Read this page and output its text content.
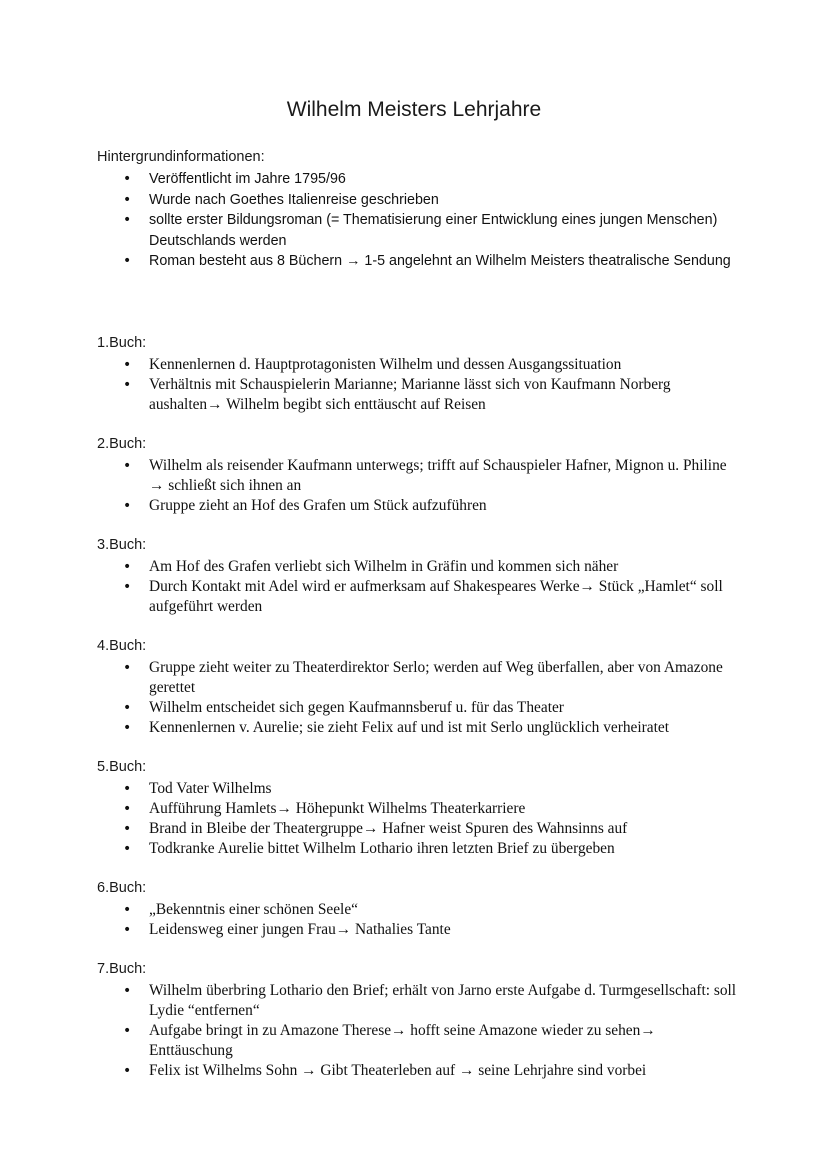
Wilhelm Meisters Lehrjahre
Hintergrundinformationen:
• Veröffentlicht im Jahre 1795/96
• Wurde nach Goethes Italienreise geschrieben
• sollte erster Bildungsroman (= Thematisierung einer Entwicklung eines jungen Menschen) Deutschlands werden
• Roman besteht aus 8 Büchern → 1-5 angelehnt an Wilhelm Meisters theatralische Sendung
1.Buch:
• Kennenlernen d. Hauptprotagonisten Wilhelm und dessen Ausgangssituation
• Verhältnis mit Schauspielerin Marianne; Marianne lässt sich von Kaufmann Norberg aushalten→ Wilhelm begibt sich enttäuscht auf Reisen
2.Buch:
• Wilhelm als reisender Kaufmann unterwegs; trifft auf Schauspieler Hafner, Mignon u. Philine → schließt sich ihnen an
• Gruppe zieht an Hof des Grafen um Stück aufzuführen
3.Buch:
• Am Hof des Grafen verliebt sich Wilhelm in Gräfin und kommen sich näher
• Durch Kontakt mit Adel wird er aufmerksam auf Shakespeares Werke→ Stück „Hamlet“ soll aufgeführt werden
4.Buch:
• Gruppe zieht weiter zu Theaterdirektor Serlo; werden auf Weg überfallen, aber von Amazone gerettet
• Wilhelm entscheidet sich gegen Kaufmannsberuf u. für das Theater
• Kennenlernen v. Aurelie; sie zieht Felix auf und ist mit Serlo unglücklich verheiratet
5.Buch:
• Tod Vater Wilhelms
• Aufführung Hamlets→ Höhepunkt Wilhelms Theaterkarriere
• Brand in Bleibe der Theatergruppe→ Hafner weist Spuren des Wahnsinns auf
• Todkranke Aurelie bittet Wilhelm Lothario ihren letzten Brief zu übergeben
6.Buch:
• „Bekenntnis einer schönen Seele“
• Leidensweg einer jungen Frau→ Nathalies Tante
7.Buch:
• Wilhelm überbring Lothario den Brief; erhält von Jarno erste Aufgabe d. Turmgesellschaft: soll Lydie “entfernen“
• Aufgabe bringt in zu Amazone Therese→ hofft seine Amazone wieder zu sehen→ Enttäuschung
• Felix ist Wilhelms Sohn → Gibt Theaterleben auf → seine Lehrjahre sind vorbei
